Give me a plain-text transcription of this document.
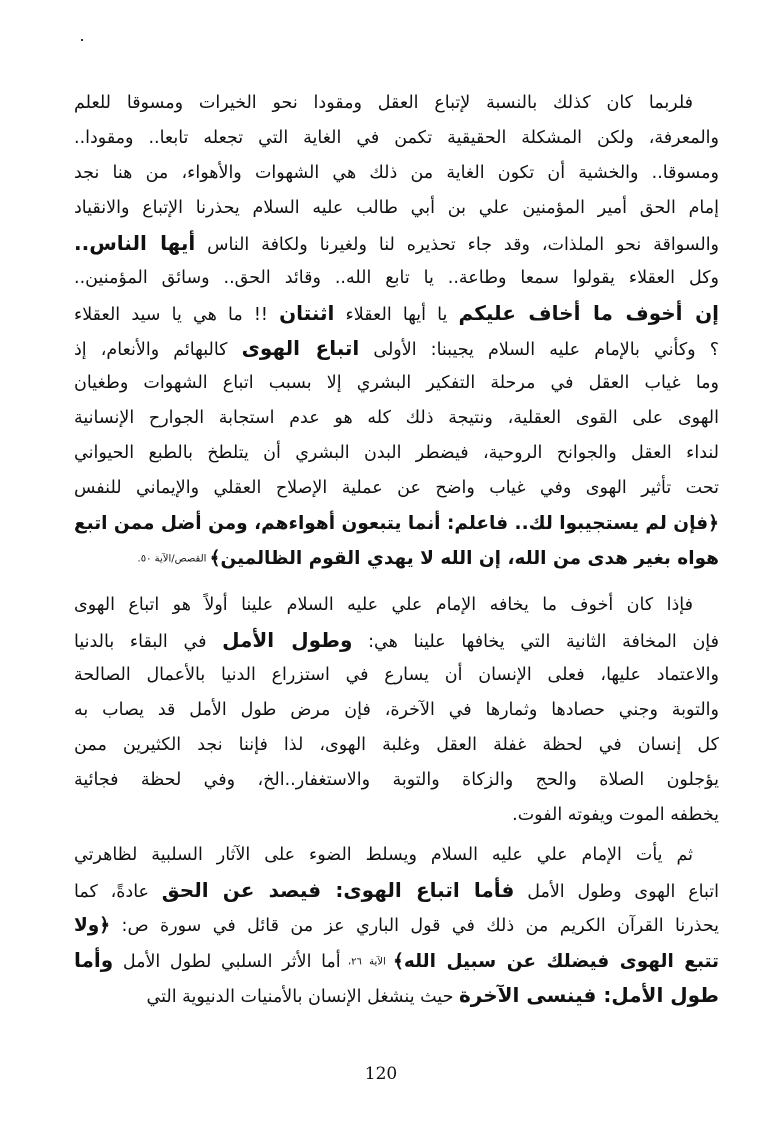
فلربما كان كذلك بالنسبة لإتباع العقل ومقودا نحو الخيرات ومسوقا للعلم
والمعرفة، ولكن المشكلة الحقيقية تكمن في الغاية التي تجعله تابعا.. ومقودا..
ومسوقا.. والخشية أن تكون الغاية من ذلك هي الشهوات والأهواء، من هنا نجد
إمام الحق أمير المؤمنين علي بن أبي طالب عليه السلام يحذرنا الإتباع والانقياد
والسواقة نحو الملذات، وقد جاء تحذيره لنا ولغيرنا ولكافة الناس أيها الناس..
وكل العقلاء يقولوا سمعا وطاعة.. يا تابع الله.. وقائد الحق.. وسائق المؤمنين..
إن أخوف ما أخاف عليكم يا أيها العقلاء اثنتان !! ما هي يا سيد العقلاء
؟ وكأني بالإمام عليه السلام يجيبنا: الأولى اتباع الهوى كالبهائم والأنعام، إذ
وما غياب العقل في مرحلة التفكير البشري إلا بسبب اتباع الشهوات وطغيان
الهوى على القوى العقلية، ونتيجة ذلك كله هو عدم استجابة الجوارح الإنسانية
لنداء العقل والجوانح الروحية، فيضطر البدن البشري أن يتلطخ بالطبع الحيواني
تحت تأثير الهوى وفي غياب واضح عن عملية الإصلاح العقلي والإيماني للنفس
﴿فإن لم يستجيبوا لك.. فاعلم: أنما يتبعون أهواءهم، ومن أضل ممن اتبع
هواه بغير هدى من الله، إن الله لا يهدي القوم الظالمين﴾ القصص/الآية ٥٠.
فإذا كان أخوف ما يخافه الإمام علي عليه السلام علينا أولاً هو اتباع الهوى
فإن المخافة الثانية التي يخافها علينا هي: وطول الأمل في البقاء بالدنيا
والاعتماد عليها، فعلى الإنسان أن يسارع في استزراع الدنيا بالأعمال الصالحة
والتوبة وجني حصادها وثمارها في الآخرة، فإن مرض طول الأمل قد يصاب به
كل إنسان في لحظة غفلة العقل وغلبة الهوى، لذا فإننا نجد الكثيرين ممن
يؤجلون الصلاة والحج والزكاة والتوبة والاستغفار..الخ، وفي لحظة فجائية
يخطفه الموت ويفوته الفوت.
ثم يأت الإمام علي عليه السلام ويسلط الضوء على الآثار السلبية لظاهرتي
اتباع الهوى وطول الأمل فأما اتباع الهوى: فيصد عن الحق عادةً، كما
يحذرنا القرآن الكريم من ذلك في قول الباري عز من قائل في سورة ص: ﴿ولا
تتبع الهوى فيضلك عن سبيل الله﴾ الآية ٢٦، أما الأثر السلبي لطول الأمل وأما
طول الأمل: فينسى الآخرة حيث ينشغل الإنسان بالأمنيات الدنيوية التي
120
